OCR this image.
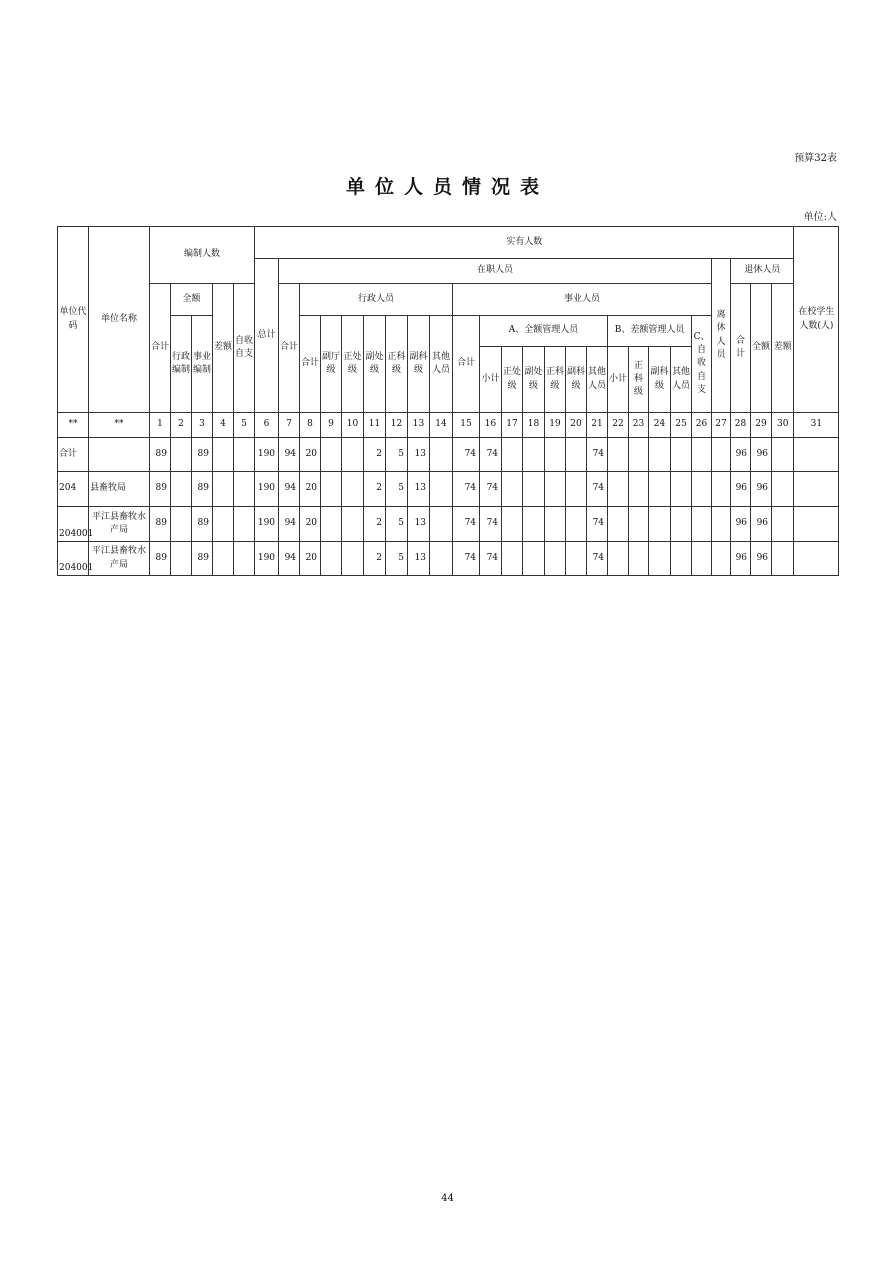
预算32表
单位人员情况表
单位:人
单位代码	单位名称	编制人数					实有人数																									在校学生人数(人)
							总计	在职人员																				离休人员	退休人员			
		合计	全额		差额	自收自支		合计	行政人员							事业人员													合计	全额	差额	
			行政编制	事业编制					合计	副厅级	正处级	副处级	正科级	副科级	其他人员	合计	A、全额管理人员						B、差额管理人员				C、自收自支					
																	小计	正处级	副处级	正科级	副科级	其他人员	小计	正科级	副科级	其他人员						
**	**	1	2	3	4	5	6	7	8	9	10	11	12	13	14	15	16	17	18	19	20	21	22	23	24	25	26	27	28	29	30	31
合计		89		89			190	94	20			2	5	13		74	74					74							96	96		
204	县畜牧局	89		89			190	94	20			2	5	13		74	74					74							96	96		
204001	平江县畜牧水产局	89		89			190	94	20			2	5	13		74	74					74							96	96		
204001	平江县畜牧水产局	89		89			190	94	20			2	5	13		74	74					74							96	96		
44
